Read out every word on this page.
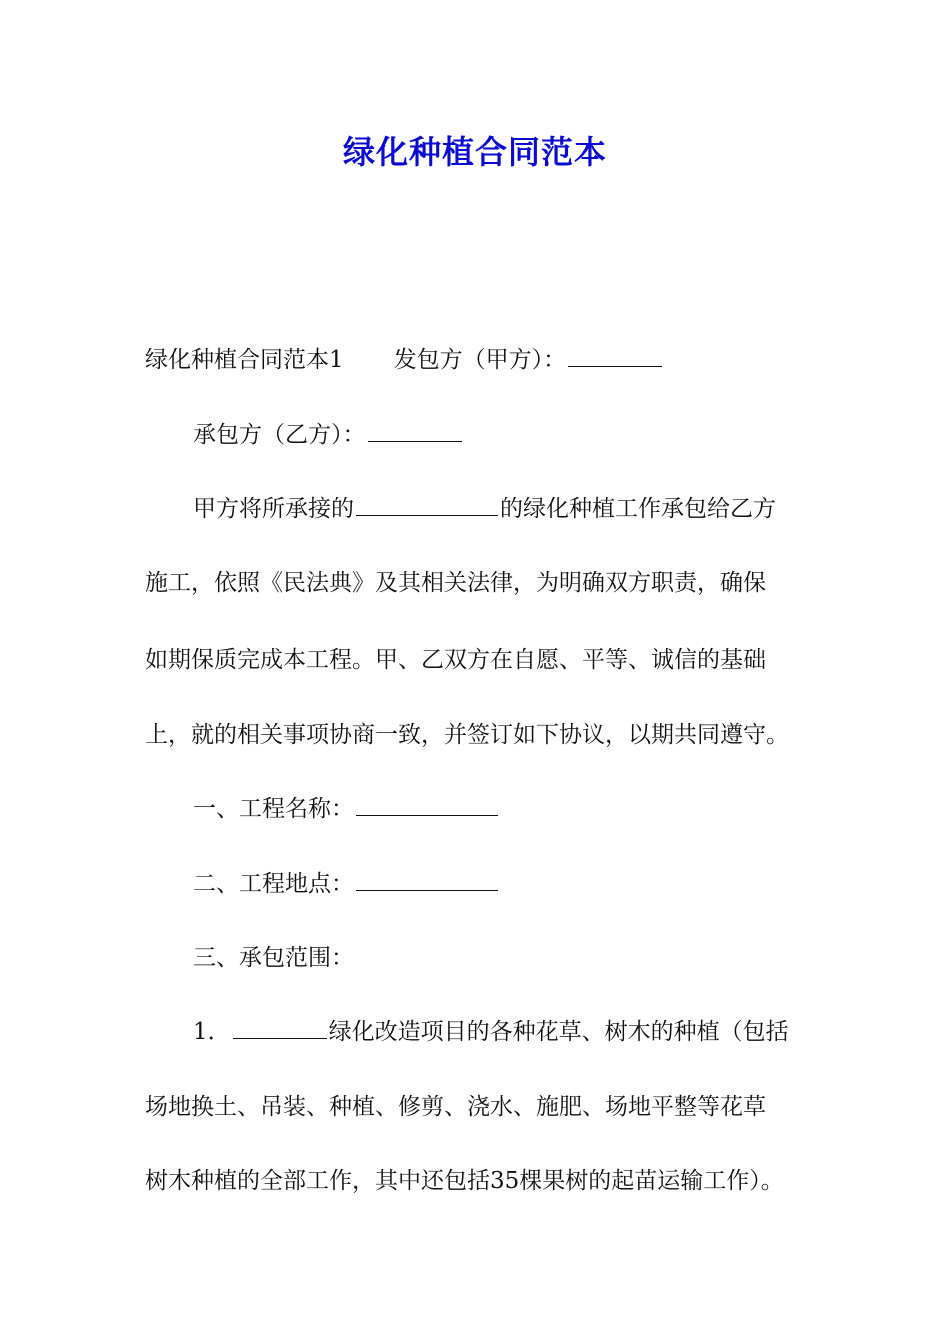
绿化种植合同范本
绿化种植合同范本1 发包方（甲方）：
承包方（乙方）：
甲方将所承接的	的绿化种植工作承包给乙方
施工，依照《民法典》及其相关法律，为明确双方职责，确保
如期保质完成本工程。甲、乙双方在自愿、平等、诚信的基础
上，就的相关事项协商一致，并签订如下协议，以期共同遵守。
一、工程名称：
二、工程地点：
三、承包范围：
1．	绿化改造项目的各种花草、树木的种植（包括
场地换土、吊装、种植、修剪、浇水、施肥、场地平整等花草
树木种植的全部工作，其中还包括35棵果树的起苗运输工作）。
